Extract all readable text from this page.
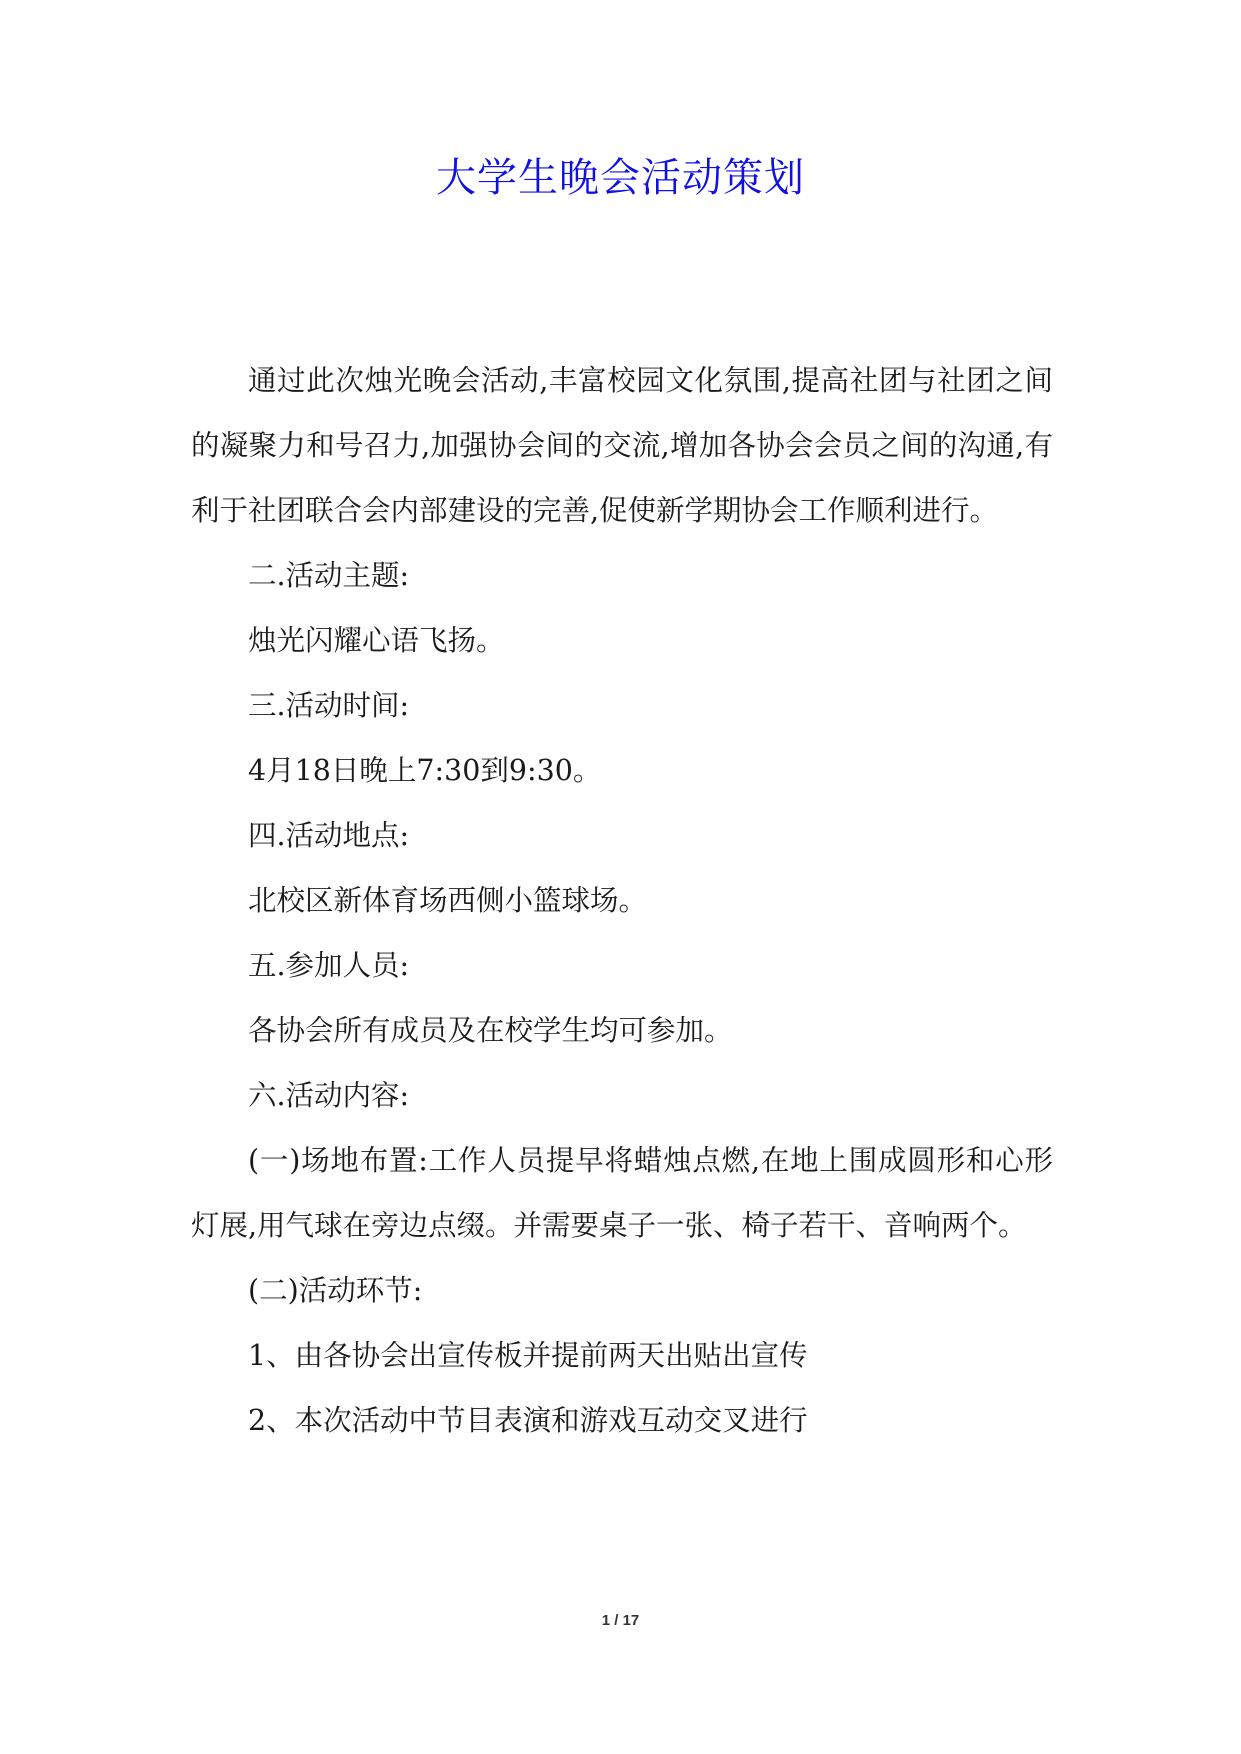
大学生晚会活动策划

通过此次烛光晚会活动,丰富校园文化氛围,提高社团与社团之间的凝聚力和号召力,加强协会间的交流,增加各协会会员之间的沟通,有利于社团联合会内部建设的完善,促使新学期协会工作顺利进行。

二.活动主题:

烛光闪耀心语飞扬。

三.活动时间:

4月18日晚上7:30到9:30。

四.活动地点:

北校区新体育场西侧小篮球场。

五.参加人员:

各协会所有成员及在校学生均可参加。

六.活动内容:

(一)场地布置:工作人员提早将蜡烛点燃,在地上围成圆形和心形灯展,用气球在旁边点缀。并需要桌子一张、椅子若干、音响两个。

(二)活动环节:

1、由各协会出宣传板并提前两天出贴出宣传

2、本次活动中节目表演和游戏互动交叉进行

1 / 17
